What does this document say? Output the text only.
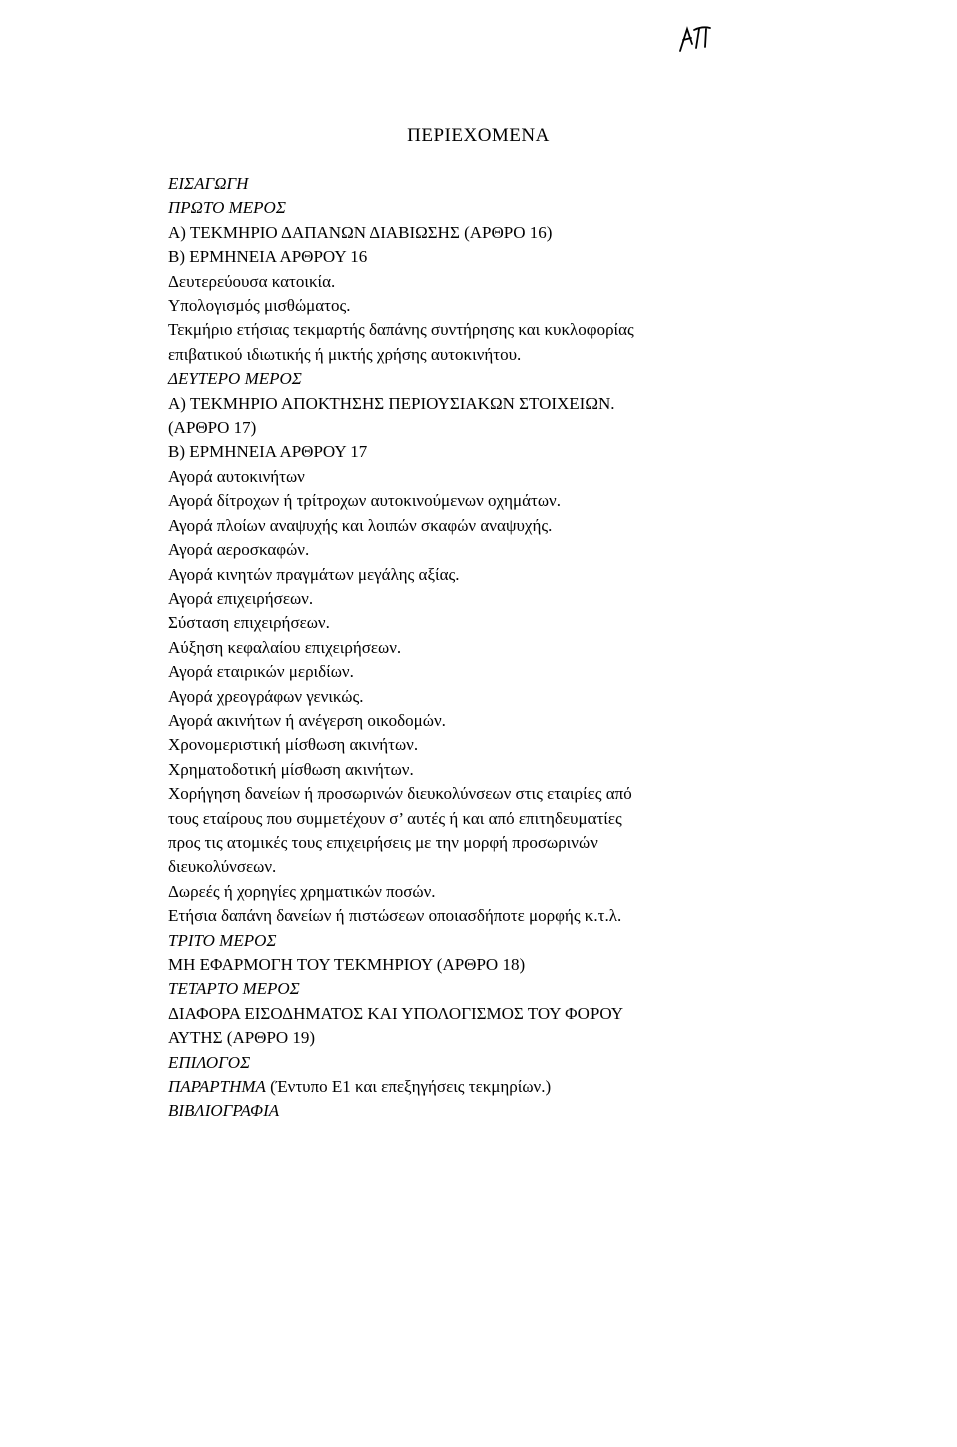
ΠΕΡΙΕΧΟΜΕΝΑ
ΕΙΣΑΓΩΓΗ
ΠΡΩΤΟ ΜΕΡΟΣ
Α) ΤΕΚΜΗΡΙΟ ΔΑΠΑΝΩΝ ΔΙΑΒΙΩΣΗΣ (ΑΡΘΡΟ 16)
Β) ΕΡΜΗΝΕΙΑ ΑΡΘΡΟΥ 16
Δευτερεύουσα κατοικία.
Υπολογισμός μισθώματος.
Τεκμήριο ετήσιας τεκμαρτής δαπάνης συντήρησης και κυκλοφορίας
επιβατικού ιδιωτικής ή μικτής χρήσης αυτοκινήτου.
ΔΕΥΤΕΡΟ ΜΕΡΟΣ
Α) ΤΕΚΜΗΡΙΟ ΑΠΟΚΤΗΣΗΣ ΠΕΡΙΟΥΣΙΑΚΩΝ ΣΤΟΙΧΕΙΩΝ.
(ΑΡΘΡΟ 17)
Β) ΕΡΜΗΝΕΙΑ ΑΡΘΡΟΥ 17
Αγορά αυτοκινήτων
Αγορά δίτροχων ή τρίτροχων αυτοκινούμενων οχημάτων.
Αγορά πλοίων αναψυχής και λοιπών σκαφών αναψυχής.
Αγορά αεροσκαφών.
Αγορά κινητών πραγμάτων μεγάλης αξίας.
Αγορά επιχειρήσεων.
Σύσταση επιχειρήσεων.
Αύξηση κεφαλαίου επιχειρήσεων.
Αγορά εταιρικών μεριδίων.
Αγορά χρεογράφων γενικώς.
Αγορά ακινήτων ή ανέγερση οικοδομών.
Χρονομεριστική μίσθωση ακινήτων.
Χρηματοδοτική μίσθωση ακινήτων.
Χορήγηση δανείων ή προσωρινών διευκολύνσεων στις εταιρίες από
τους εταίρους που συμμετέχουν σ’ αυτές ή και από επιτηδευματίες
προς τις ατομικές τους επιχειρήσεις με την μορφή προσωρινών
διευκολύνσεων.
Δωρεές ή χορηγίες χρηματικών ποσών.
Ετήσια δαπάνη δανείων ή πιστώσεων οποιασδήποτε μορφής κ.τ.λ.
ΤΡΙΤΟ ΜΕΡΟΣ
ΜΗ ΕΦΑΡΜΟΓΗ ΤΟΥ ΤΕΚΜΗΡΙΟΥ (ΑΡΘΡΟ 18)
ΤΕΤΑΡΤΟ ΜΕΡΟΣ
ΔΙΑΦΟΡΑ ΕΙΣΟΔΗΜΑΤΟΣ ΚΑΙ ΥΠΟΛΟΓΙΣΜΟΣ ΤΟΥ ΦΟΡΟΥ
ΑΥΤΗΣ (ΑΡΘΡΟ 19)
ΕΠΙΛΟΓΟΣ
ΠΑΡΑΡΤΗΜΑ (Έντυπο Ε1 και επεξηγήσεις τεκμηρίων.)
ΒΙΒΛΙΟΓΡΑΦΙΑ
